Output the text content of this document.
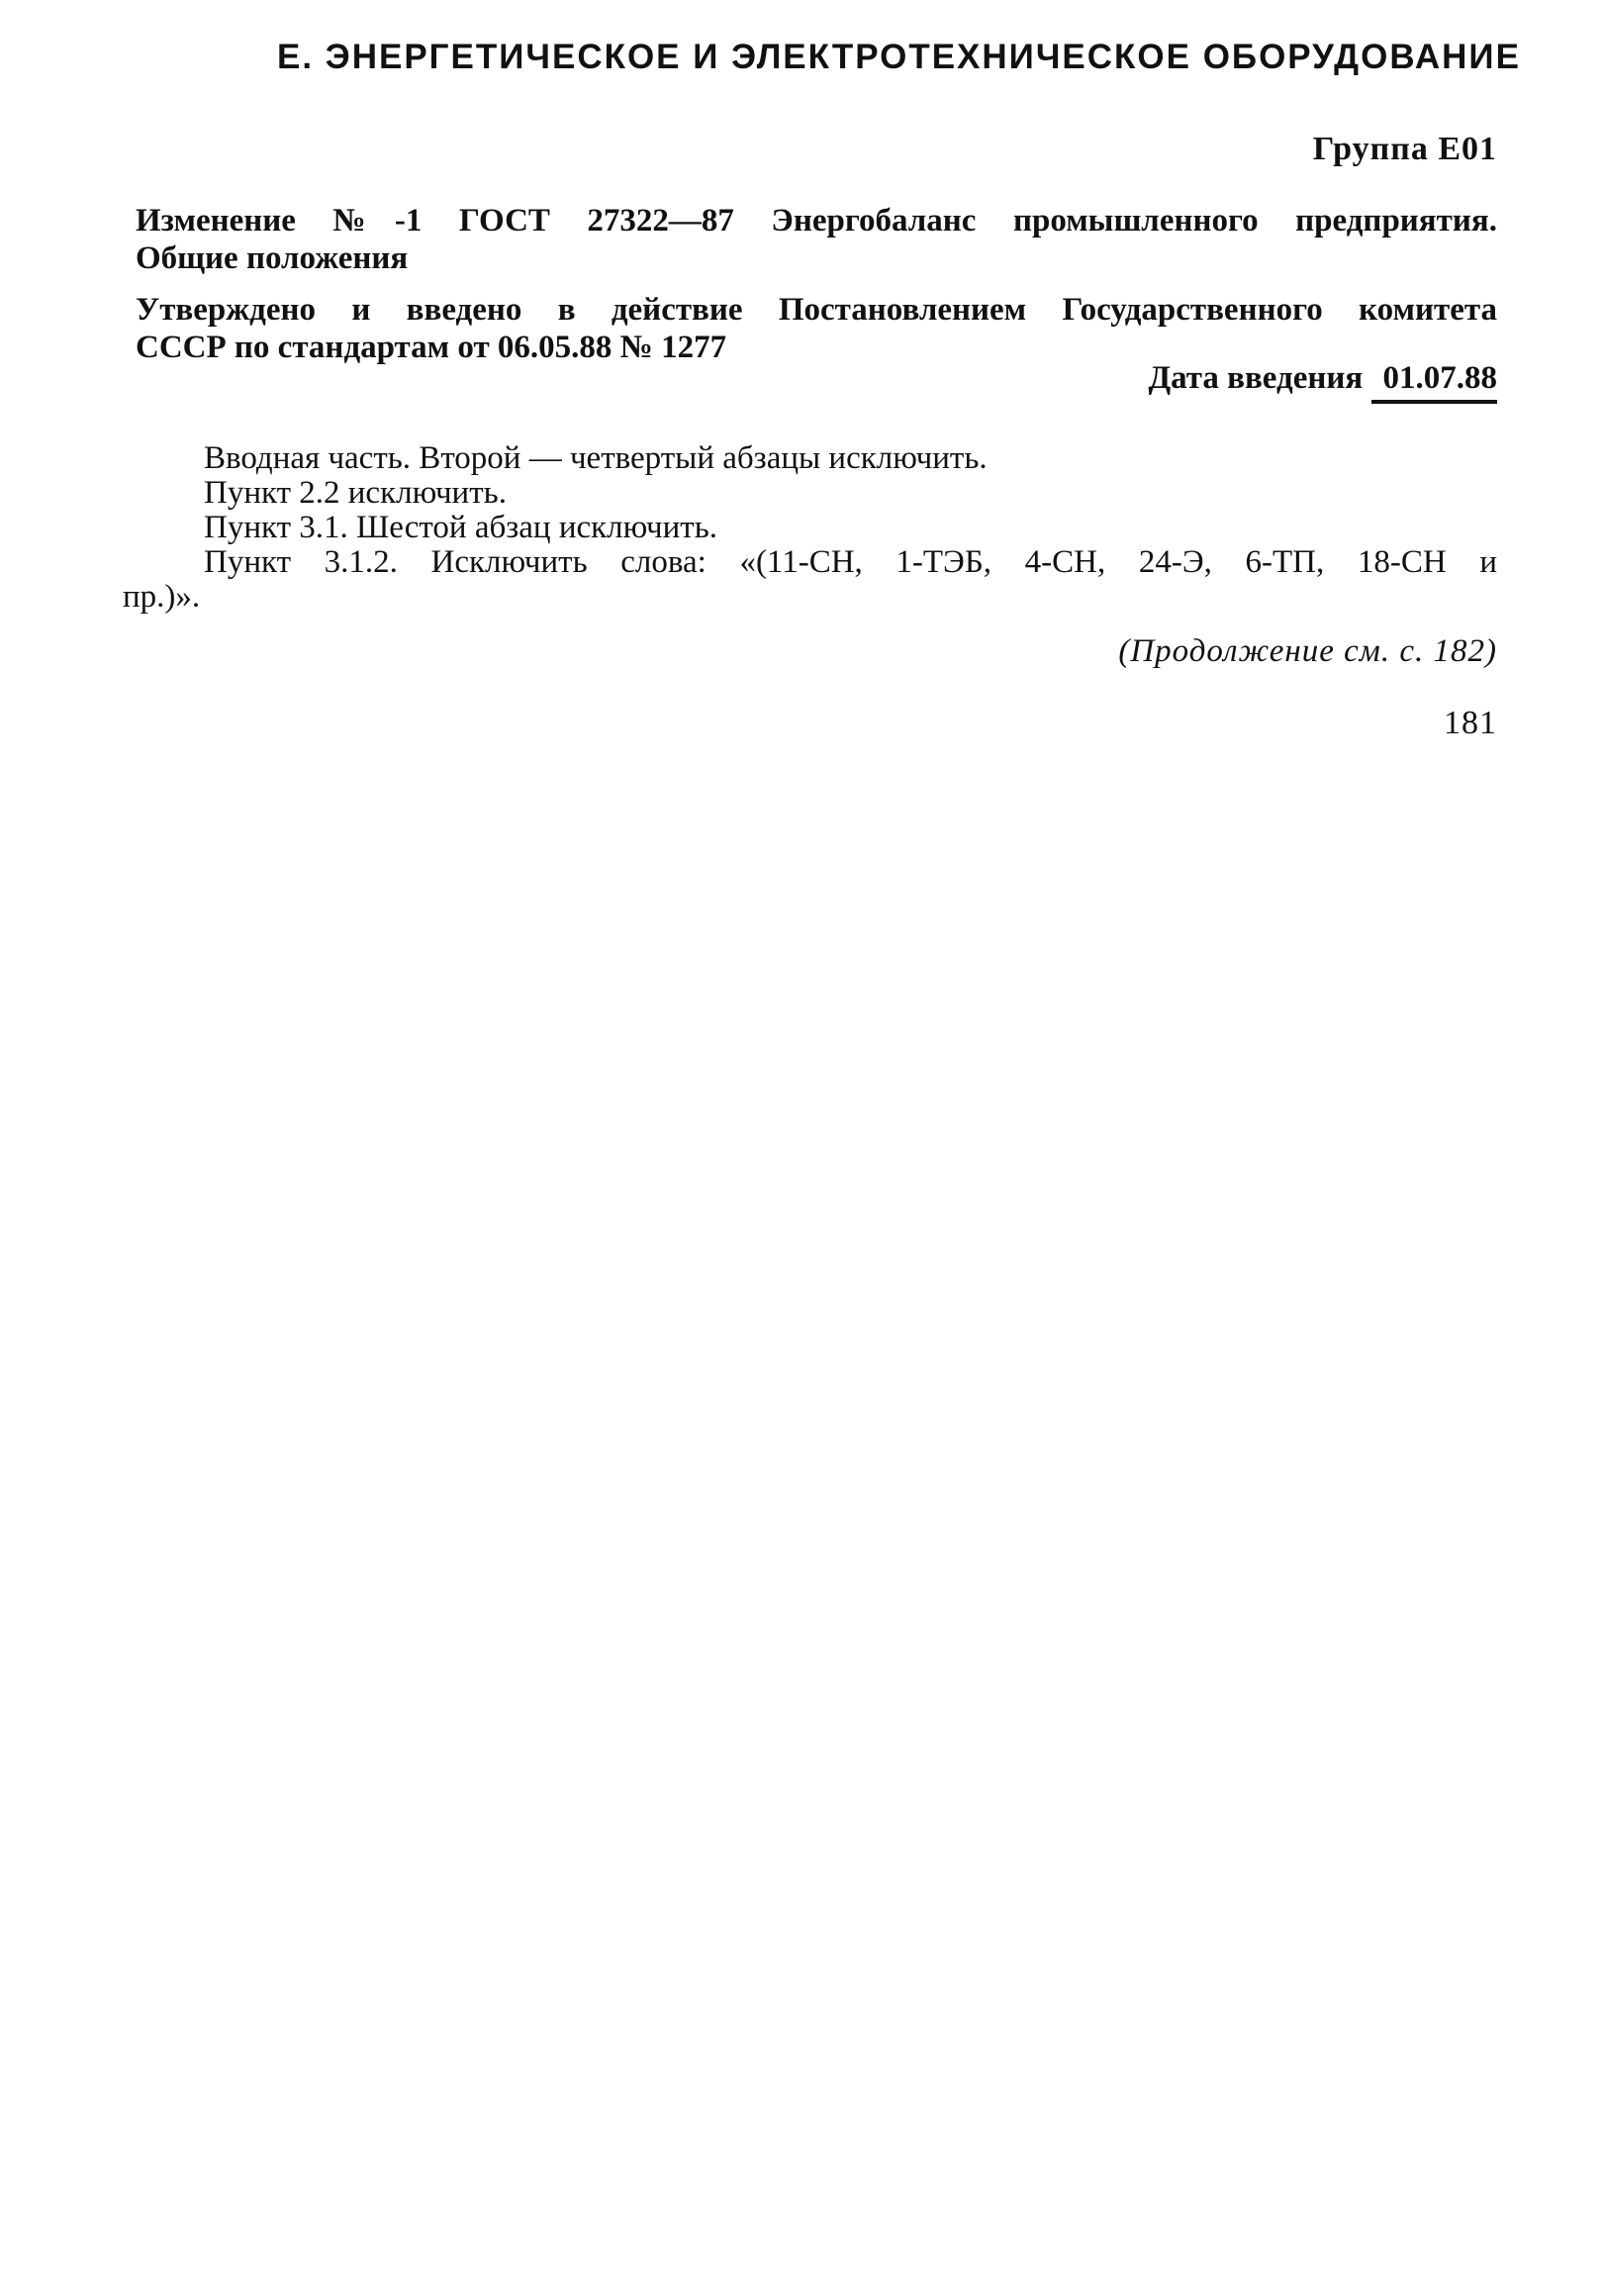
Е. ЭНЕРГЕТИЧЕСКОЕ И ЭЛЕКТРОТЕХНИЧЕСКОЕ ОБОРУДОВАНИЕ
Группа Е01
Изменение №-1 ГОСТ 27322—87 Энергобаланс промышленного предприятия.
Общие положения
Утверждено и введено в действие Постановлением Государственного комитета
СССР по стандартам от 06.05.88 № 1277
Дата введения 01.07.88
Вводная часть. Второй — четвертый абзацы исключить.
Пункт 2.2 исключить.
Пункт 3.1. Шестой абзац исключить.
Пункт 3.1.2. Исключить слова: «(11-СН, 1-ТЭБ, 4-СН, 24-Э, 6-ТП, 18-СН и
пр.)».
(Продолжение см. с. 182)
181
